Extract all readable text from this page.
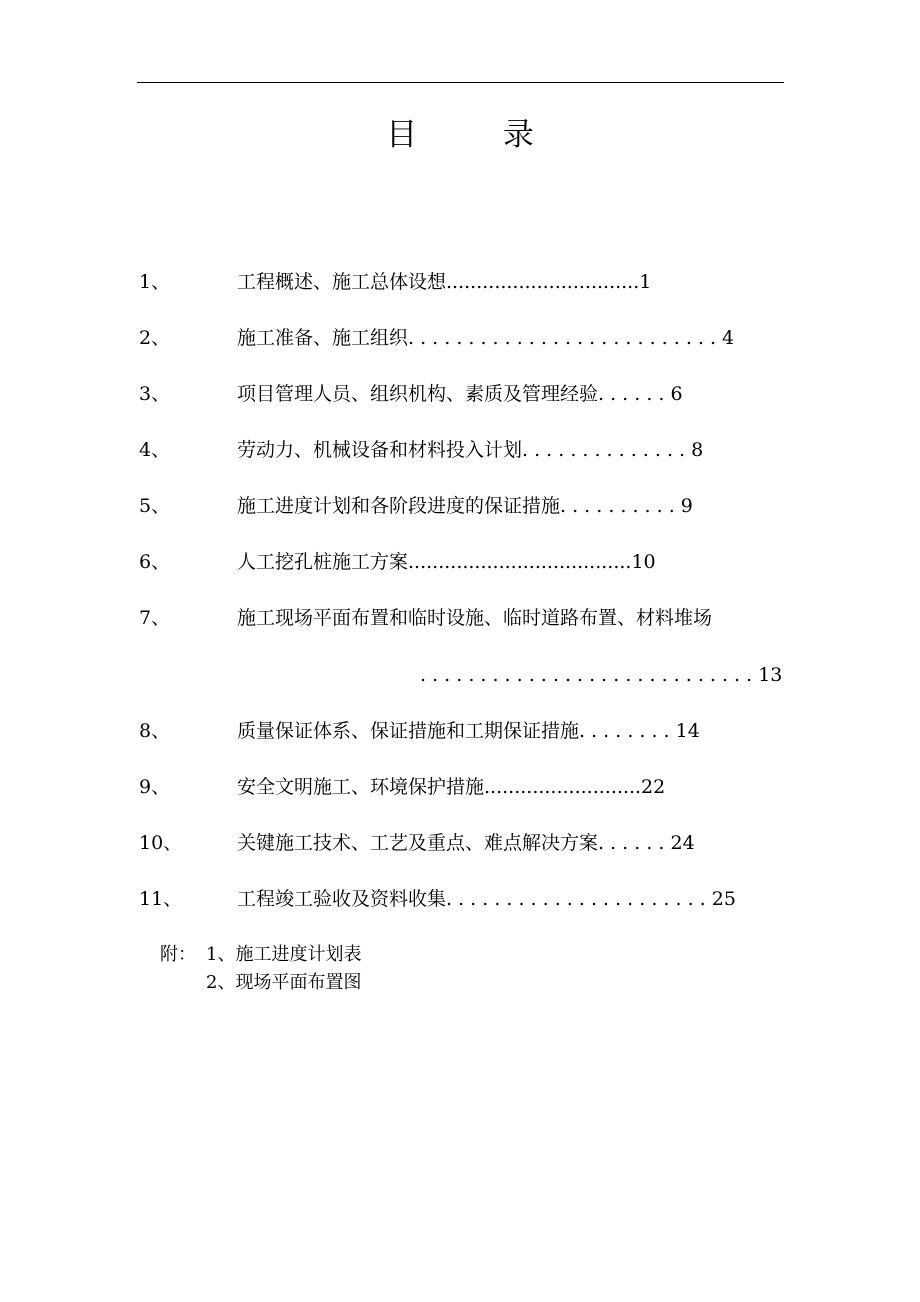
目 录
1、	工程概述、施工总体设想................................1
2、	施工准备、施工组织. . . . . . . . . . . . . . . . . . . . . . . . . . 4
3、	项目管理人员、组织机构、素质及管理经验. . . . . . 6
4、	劳动力、机械设备和材料投入计划. . . . . . . . . . . . . . 8
5、	施工进度计划和各阶段进度的保证措施. . . . . . . . . . 9
6、	人工挖孔桩施工方案.....................................10
7、	施工现场平面布置和临时设施、临时道路布置、材料堆场
. . . . . . . . . . . . . . . . . . . . . . . . . . . . 13
8、	质量保证体系、保证措施和工期保证措施. . . . . . . . 14
9、	安全文明施工、环境保护措施..........................22
10、	关键施工技术、工艺及重点、难点解决方案. . . . . . 24
11、	工程竣工验收及资料收集. . . . . . . . . . . . . . . . . . . . . . 25
附： 1、施工进度计划表
2、现场平面布置图
